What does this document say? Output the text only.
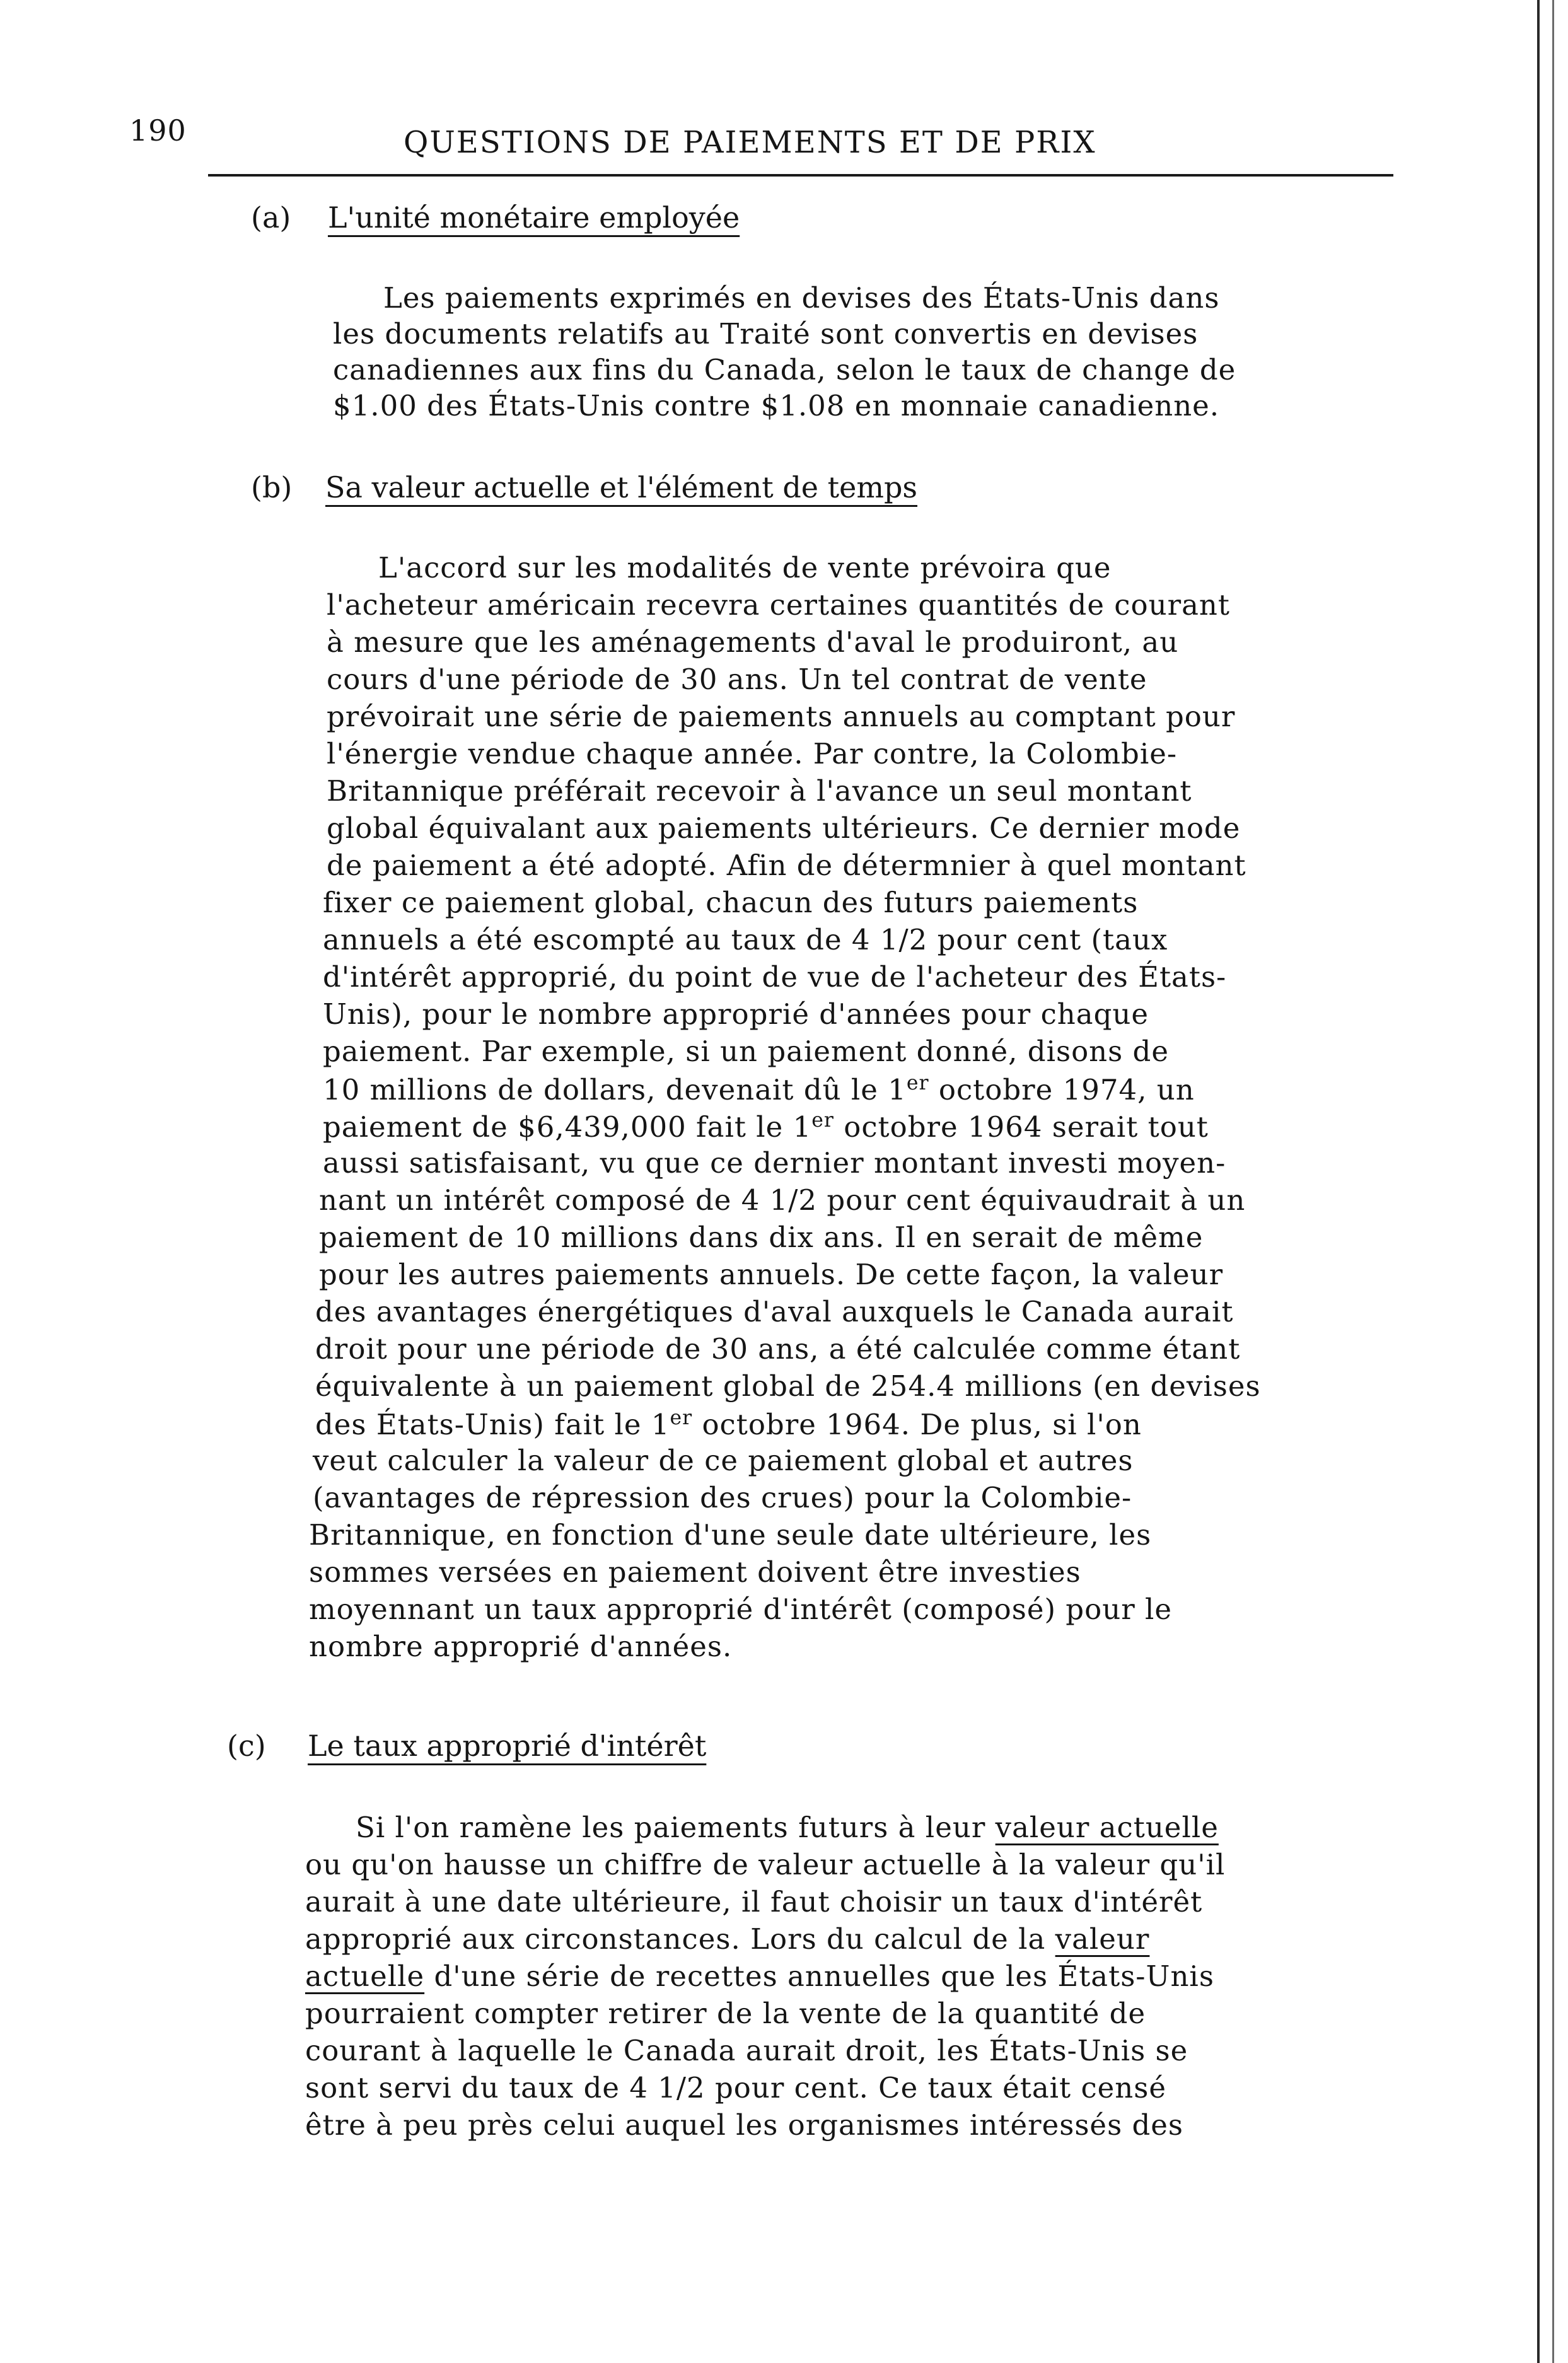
190	QUESTIONS DE PAIEMENTS ET DE PRIX
(a) L'unité monétaire employée
Les paiements exprimés en devises des États-Unis dans
les documents relatifs au Traité sont convertis en devises
canadiennes aux fins du Canada, selon le taux de change de
$1.00 des États-Unis contre $1.08 en monnaie canadienne.
(b) Sa valeur actuelle et l'élément de temps
L'accord sur les modalités de vente prévoira que
l'acheteur américain recevra certaines quantités de courant
à mesure que les aménagements d'aval le produiront, au
cours d'une période de 30 ans. Un tel contrat de vente
prévoirait une série de paiements annuels au comptant pour
l'énergie vendue chaque année. Par contre, la Colombie-
Britannique préférait recevoir à l'avance un seul montant
global équivalant aux paiements ultérieurs. Ce dernier mode
de paiement a été adopté. Afin de détermnier à quel montant
fixer ce paiement global, chacun des futurs paiements
annuels a été escompté au taux de 4 1/2 pour cent (taux
d'intérêt approprié, du point de vue de l'acheteur des États-
Unis), pour le nombre approprié d'années pour chaque
paiement. Par exemple, si un paiement donné, disons de
10 millions de dollars, devenait dû le 1er octobre 1974, un
paiement de $6,439,000 fait le 1er octobre 1964 serait tout
aussi satisfaisant, vu que ce dernier montant investi moyen-
nant un intérêt composé de 4 1/2 pour cent équivaudrait à un
paiement de 10 millions dans dix ans. Il en serait de même
pour les autres paiements annuels. De cette façon, la valeur
des avantages énergétiques d'aval auxquels le Canada aurait
droit pour une période de 30 ans, a été calculée comme étant
équivalente à un paiement global de 254.4 millions (en devises
des États-Unis) fait le 1er octobre 1964. De plus, si l'on
veut calculer la valeur de ce paiement global et autres
(avantages de répression des crues) pour la Colombie-
Britannique, en fonction d'une seule date ultérieure, les
sommes versées en paiement doivent être investies
moyennant un taux approprié d'intérêt (composé) pour le
nombre approprié d'années.
(c) Le taux approprié d'intérêt
Si l'on ramène les paiements futurs à leur valeur actuelle
ou qu'on hausse un chiffre de valeur actuelle à la valeur qu'il
aurait à une date ultérieure, il faut choisir un taux d'intérêt
approprié aux circonstances. Lors du calcul de la valeur
actuelle d'une série de recettes annuelles que les États-Unis
pourraient compter retirer de la vente de la quantité de
courant à laquelle le Canada aurait droit, les États-Unis se
sont servi du taux de 4 1/2 pour cent. Ce taux était censé
être à peu près celui auquel les organismes intéressés des
